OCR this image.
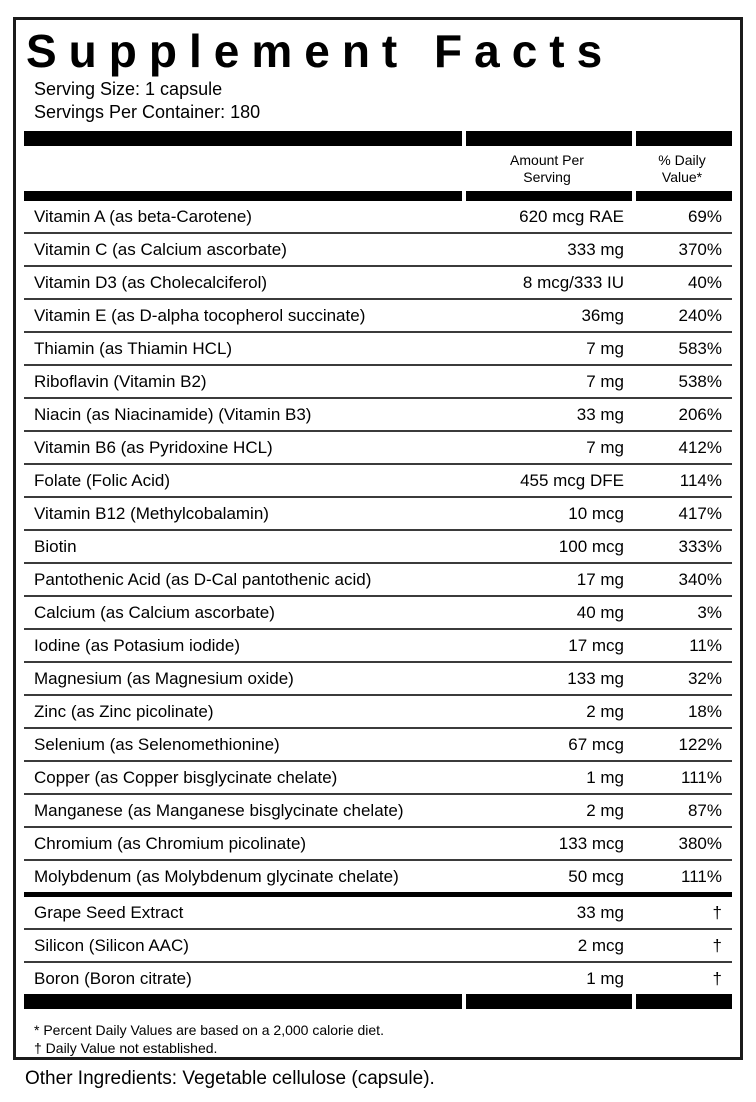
Supplement Facts
Serving Size: 1 capsule
Servings Per Container: 180
Amount Per Serving
% Daily Value*
Vitamin A (as beta-Carotene)	620 mcg RAE	69%
Vitamin C (as Calcium ascorbate)	333 mg	370%
Vitamin D3 (as Cholecalciferol)	8 mcg/333 IU	40%
Vitamin E (as D-alpha tocopherol succinate)	36mg	240%
Thiamin (as Thiamin HCL)	7 mg	583%
Riboflavin (Vitamin B2)	7 mg	538%
Niacin (as Niacinamide) (Vitamin B3)	33 mg	206%
Vitamin B6 (as Pyridoxine HCL)	7 mg	412%
Folate (Folic Acid)	455 mcg DFE	114%
Vitamin B12 (Methylcobalamin)	10 mcg	417%
Biotin	100 mcg	333%
Pantothenic Acid (as D-Cal pantothenic acid)	17 mg	340%
Calcium (as Calcium ascorbate)	40 mg	3%
Iodine (as Potasium iodide)	17 mcg	11%
Magnesium (as Magnesium oxide)	133 mg	32%
Zinc (as Zinc picolinate)	2 mg	18%
Selenium (as Selenomethionine)	67 mcg	122%
Copper (as Copper bisglycinate chelate)	1 mg	111%
Manganese (as Manganese bisglycinate chelate)	2 mg	87%
Chromium (as Chromium picolinate)	133 mcg	380%
Molybdenum (as Molybdenum glycinate chelate)	50 mcg	111%
Grape Seed Extract	33 mg	†
Silicon (Silicon AAC)	2 mcg	†
Boron (Boron citrate)	1 mg	†
* Percent Daily Values are based on a 2,000 calorie diet.
† Daily Value not established.
Other Ingredients: Vegetable cellulose (capsule).
